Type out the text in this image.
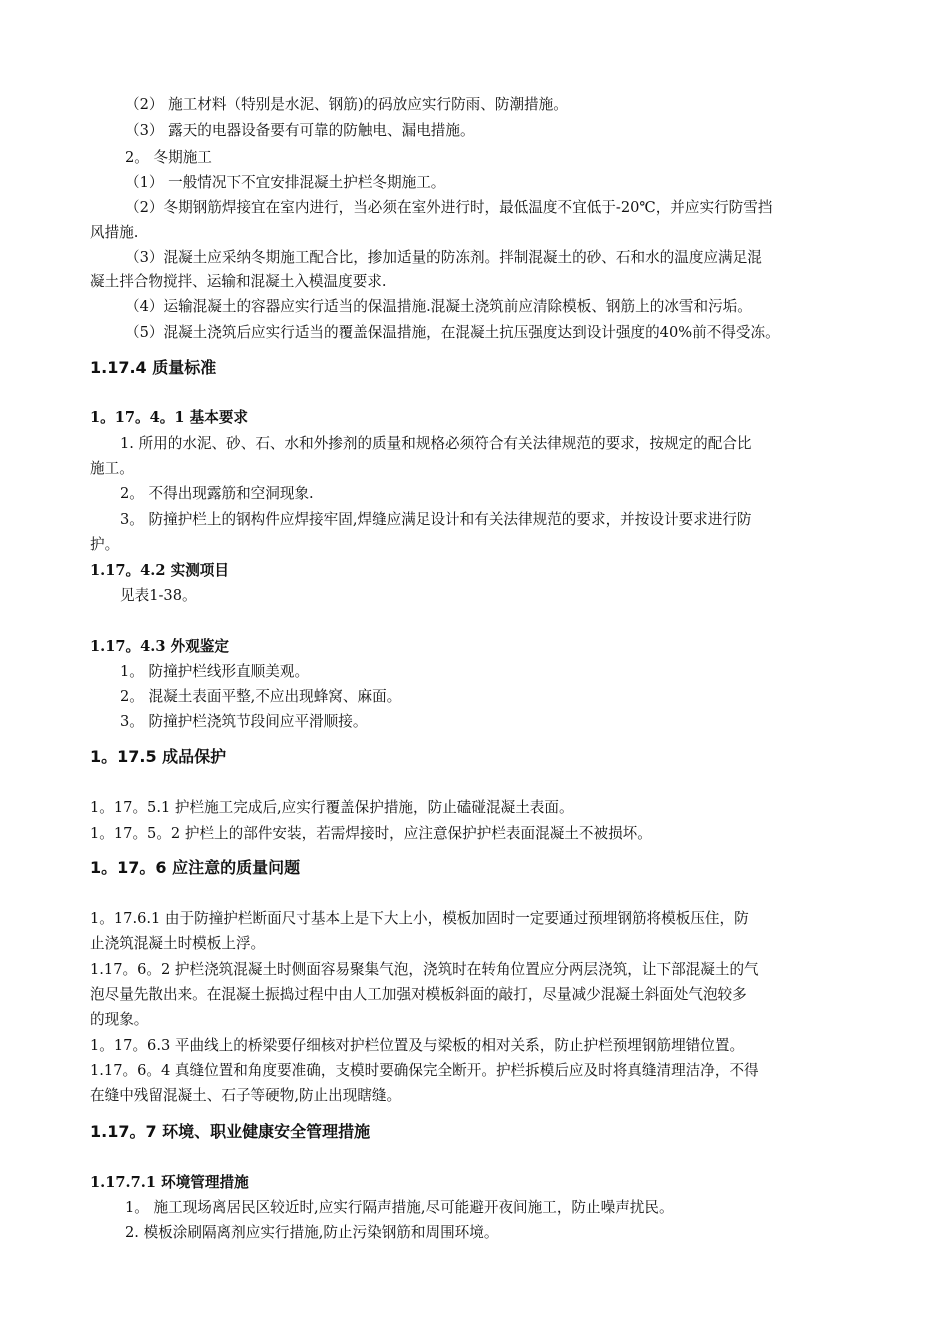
（2） 施工材料（特别是水泥、钢筋)的码放应实行防雨、防潮措施。
（3） 露天的电器设备要有可靠的防触电、漏电措施。
2。 冬期施工
（1） 一般情况下不宜安排混凝土护栏冬期施工。
（2）冬期钢筋焊接宜在室内进行，当必须在室外进行时，最低温度不宜低于-20℃，并应实行防雪挡
风措施.
（3）混凝土应采纳冬期施工配合比，掺加适量的防冻剂。拌制混凝土的砂、石和水的温度应满足混
凝土拌合物搅拌、运输和混凝土入模温度要求.
（4）运输混凝土的容器应实行适当的保温措施.混凝土浇筑前应清除模板、钢筋上的冰雪和污垢。
（5）混凝土浇筑后应实行适当的覆盖保温措施，在混凝土抗压强度达到设计强度的40%前不得受冻。
1.17.4 质量标准
1。17。4。1 基本要求
1. 所用的水泥、砂、石、水和外掺剂的质量和规格必须符合有关法律规范的要求，按规定的配合比
施工。
2。 不得出现露筋和空洞现象.
3。 防撞护栏上的钢构件应焊接牢固,焊缝应满足设计和有关法律规范的要求，并按设计要求进行防
护。
1.17。4.2 实测项目
见表1-38。
1.17。4.3 外观鉴定
1。 防撞护栏线形直顺美观。
2。 混凝土表面平整,不应出现蜂窝、麻面。
3。 防撞护栏浇筑节段间应平滑顺接。
1。17.5 成品保护
1。17。5.1 护栏施工完成后,应实行覆盖保护措施，防止磕碰混凝土表面。
1。17。5。2 护栏上的部件安装，若需焊接时，应注意保护护栏表面混凝土不被损坏。
1。17。6 应注意的质量问题
1。17.6.1 由于防撞护栏断面尺寸基本上是下大上小，模板加固时一定要通过预埋钢筋将模板压住，防
止浇筑混凝土时模板上浮。
1.17。6。2 护栏浇筑混凝土时侧面容易聚集气泡，浇筑时在转角位置应分两层浇筑，让下部混凝土的气
泡尽量先散出来。在混凝土振捣过程中由人工加强对模板斜面的敲打，尽量减少混凝土斜面处气泡较多
的现象。
1。17。6.3 平曲线上的桥梁要仔细核对护栏位置及与梁板的相对关系，防止护栏预埋钢筋埋错位置。
1.17。6。4 真缝位置和角度要准确，支模时要确保完全断开。护栏拆模后应及时将真缝清理洁净，不得
在缝中残留混凝土、石子等硬物,防止出现瞎缝。
1.17。7 环境、职业健康安全管理措施
1.17.7.1 环境管理措施
1。 施工现场离居民区较近时,应实行隔声措施,尽可能避开夜间施工，防止噪声扰民。
2. 模板涂刷隔离剂应实行措施,防止污染钢筋和周围环境。
